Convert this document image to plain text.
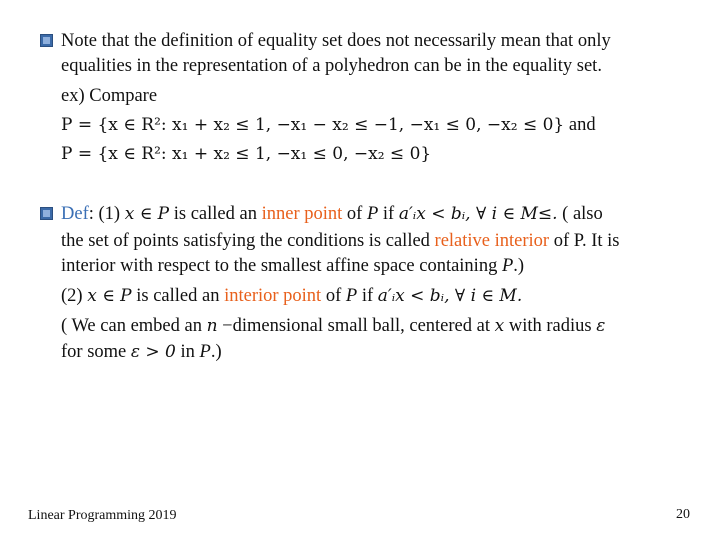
Note that the definition of equality set does not necessarily mean that only
equalities in the representation of a polyhedron can be in the equality set.
ex) Compare
P = {x ∈ R²: x₁ + x₂ ≤ 1, −x₁ − x₂ ≤ −1, −x₁ ≤ 0, −x₂ ≤ 0} and
P = {x ∈ R²: x₁ + x₂ ≤ 1, −x₁ ≤ 0, −x₂ ≤ 0}
Def: (1) x ∈ P is called an inner point of P if a′ᵢx < bᵢ, ∀ i ∈ M≤. ( also
the set of points satisfying the conditions is called relative interior of P. It is
interior with respect to the smallest affine space containing P.)
(2) x ∈ P is called an interior point of P if a′ᵢx < bᵢ, ∀ i ∈ M.
( We can embed an n −dimensional small ball, centered at x with radius ε
for some ε > 0 in P.)
Linear Programming 2019	20
